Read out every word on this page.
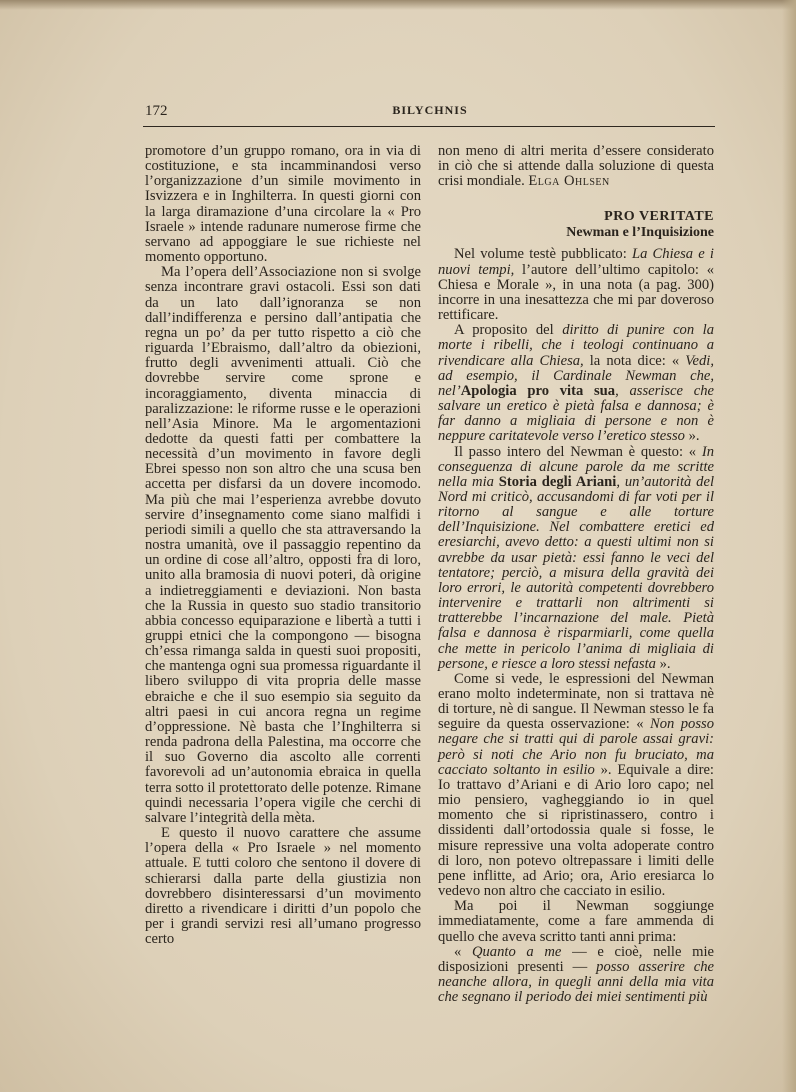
172	BILYCHNIS

promotore d’un gruppo romano, ora in via di costituzione, e sta incamminandosi verso l’organizzazione d’un simile movimento in Isvizzera e in Inghilterra. In questi giorni con la larga diramazione d’una circolare la « Pro Israele » intende radunare numerose firme che servano ad appoggiare le sue richieste nel momento opportuno.

Ma l’opera dell’Associazione non si svolge senza incontrare gravi ostacoli. Essi son dati da un lato dall’ignoranza se non dall’indifferenza e persino dall’antipatia che regna un po’ da per tutto rispetto a ciò che riguarda l’Ebraismo, dall’altro da obiezioni, frutto degli avvenimenti attuali. Ciò che dovrebbe servire come sprone e incoraggiamento, diventa minaccia di paralizzazione: le riforme russe e le operazioni nell’Asia Minore. Ma le argomentazioni dedotte da questi fatti per combattere la necessità d’un movimento in favore degli Ebrei spesso non son altro che una scusa ben accetta per disfarsi da un dovere incomodo. Ma più che mai l’esperienza avrebbe dovuto servire d’insegnamento come siano malfidi i periodi simili a quello che sta attraversando la nostra umanità, ove il passaggio repentino da un ordine di cose all’altro, opposti fra di loro, unito alla bramosia di nuovi poteri, dà origine a indietreggiamenti e deviazioni. Non basta che la Russia in questo suo stadio transitorio abbia concesso equiparazione e libertà a tutti i gruppi etnici che la compongono — bisogna ch’essa rimanga salda in questi suoi propositi, che mantenga ogni sua promessa riguardante il libero sviluppo di vita propria delle masse ebraiche e che il suo esempio sia seguito da altri paesi in cui ancora regna un regime d’oppressione. Nè basta che l’Inghilterra si renda padrona della Palestina, ma occorre che il suo Governo dia ascolto alle correnti favorevoli ad un’autonomia ebraica in quella terra sotto il protettorato delle potenze. Rimane quindi necessaria l’opera vigile che cerchi di salvare l’integrità della mèta.

E questo il nuovo carattere che assume l’opera della « Pro Israele » nel momento attuale. E tutti coloro che sentono il dovere di schierarsi dalla parte della giustizia non dovrebbero disinteressarsi d’un movimento diretto a rivendicare i diritti d’un popolo che per i grandi servizi resi all’umano progresso certo

non meno di altri merita d’essere considerato in ciò che si attende dalla soluzione di questa crisi mondiale. Elga Ohlsen

PRO VERITATE
Newman e l’Inquisizione

Nel volume testè pubblicato: La Chiesa e i nuovi tempi, l’autore dell’ultimo capitolo: « Chiesa e Morale », in una nota (a pag. 300) incorre in una inesattezza che mi par doveroso rettificare.

A proposito del diritto di punire con la morte i ribelli, che i teologi continuano a rivendicare alla Chiesa, la nota dice: « Vedi, ad esempio, il Cardinale Newman che, nel’Apologia pro vita sua, asserisce che salvare un eretico è pietà falsa e dannosa; è far danno a migliaia di persone e non è neppure caritatevole verso l’eretico stesso ».

Il passo intero del Newman è questo: « In conseguenza di alcune parole da me scritte nella mia Storia degli Ariani, un’autorità del Nord mi criticò, accusandomi di far voti per il ritorno al sangue e alle torture dell’Inquisizione. Nel combattere eretici ed eresiarchi, avevo detto: a questi ultimi non si avrebbe da usar pietà: essi fanno le veci del tentatore; perciò, a misura della gravità dei loro errori, le autorità competenti dovrebbero intervenire e trattarli non altrimenti si tratterebbe l’incarnazione del male. Pietà falsa e dannosa è risparmiarli, come quella che mette in pericolo l’anima di migliaia di persone, e riesce a loro stessi nefasta ».

Come si vede, le espressioni del Newman erano molto indeterminate, non si trattava nè di torture, nè di sangue. Il Newman stesso le fa seguire da questa osservazione: « Non posso negare che si tratti qui di parole assai gravi: però si noti che Ario non fu bruciato, ma cacciato soltanto in esilio ». Equivale a dire: Io trattavo d’Ariani e di Ario loro capo; nel mio pensiero, vagheggiando io in quel momento che si ripristinassero, contro i dissidenti dall’ortodossia quale si fosse, le misure repressive una volta adoperate contro di loro, non potevo oltrepassare i limiti delle pene inflitte, ad Ario; ora, Ario eresiarca lo vedevo non altro che cacciato in esilio.

Ma poi il Newman soggiunge immediatamente, come a fare ammenda di quello che aveva scritto tanti anni prima:

« Quanto a me — e cioè, nelle mie disposizioni presenti — posso asserire che neanche allora, in quegli anni della mia vita che segnano il periodo dei miei sentimenti più
